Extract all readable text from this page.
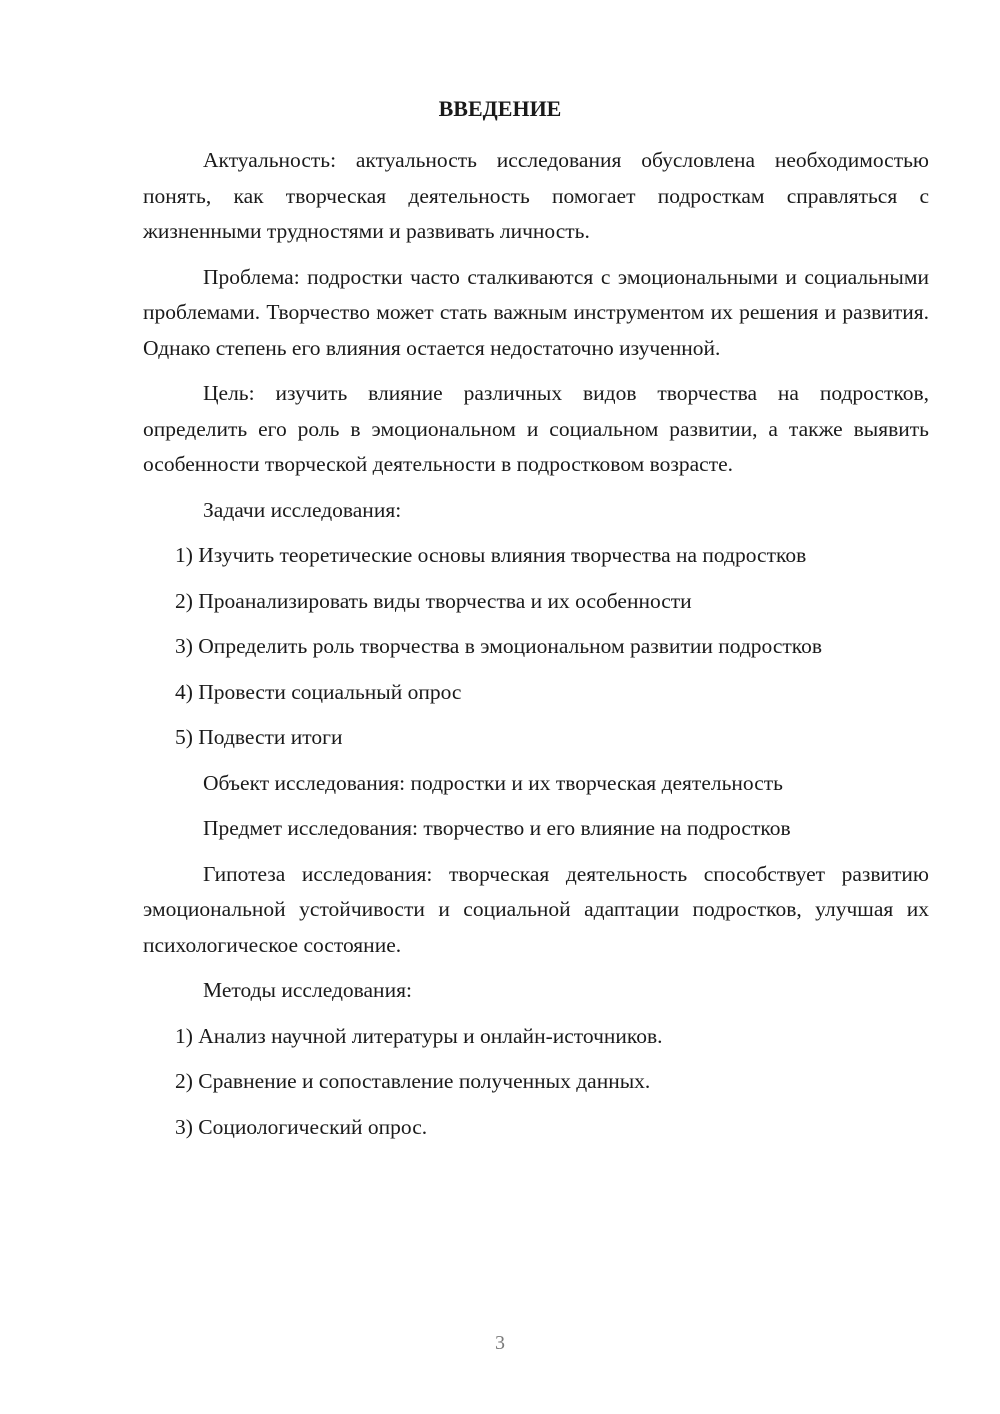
ВВЕДЕНИЕ

Актуальность: актуальность исследования обусловлена необходимостью понять, как творческая деятельность помогает подросткам справляться с жизненными трудностями и развивать личность.

Проблема: подростки часто сталкиваются с эмоциональными и социальными проблемами. Творчество может стать важным инструментом их решения и развития. Однако степень его влияния остается недостаточно изученной.

Цель: изучить влияние различных видов творчества на подростков, определить его роль в эмоциональном и социальном развитии, а также выявить особенности творческой деятельности в подростковом возрасте.

Задачи исследования:

1) Изучить теоретические основы влияния творчества на подростков

2) Проанализировать виды творчества и их особенности

3) Определить роль творчества в эмоциональном развитии подростков

4) Провести социальный опрос

5) Подвести итоги

Объект исследования: подростки и их творческая деятельность

Предмет исследования: творчество и его влияние на подростков

Гипотеза исследования: творческая деятельность способствует развитию эмоциональной устойчивости и социальной адаптации подростков, улучшая их психологическое состояние.

Методы исследования:

1) Анализ научной литературы и онлайн-источников.

2) Сравнение и сопоставление полученных данных.

3) Социологический опрос.

3
